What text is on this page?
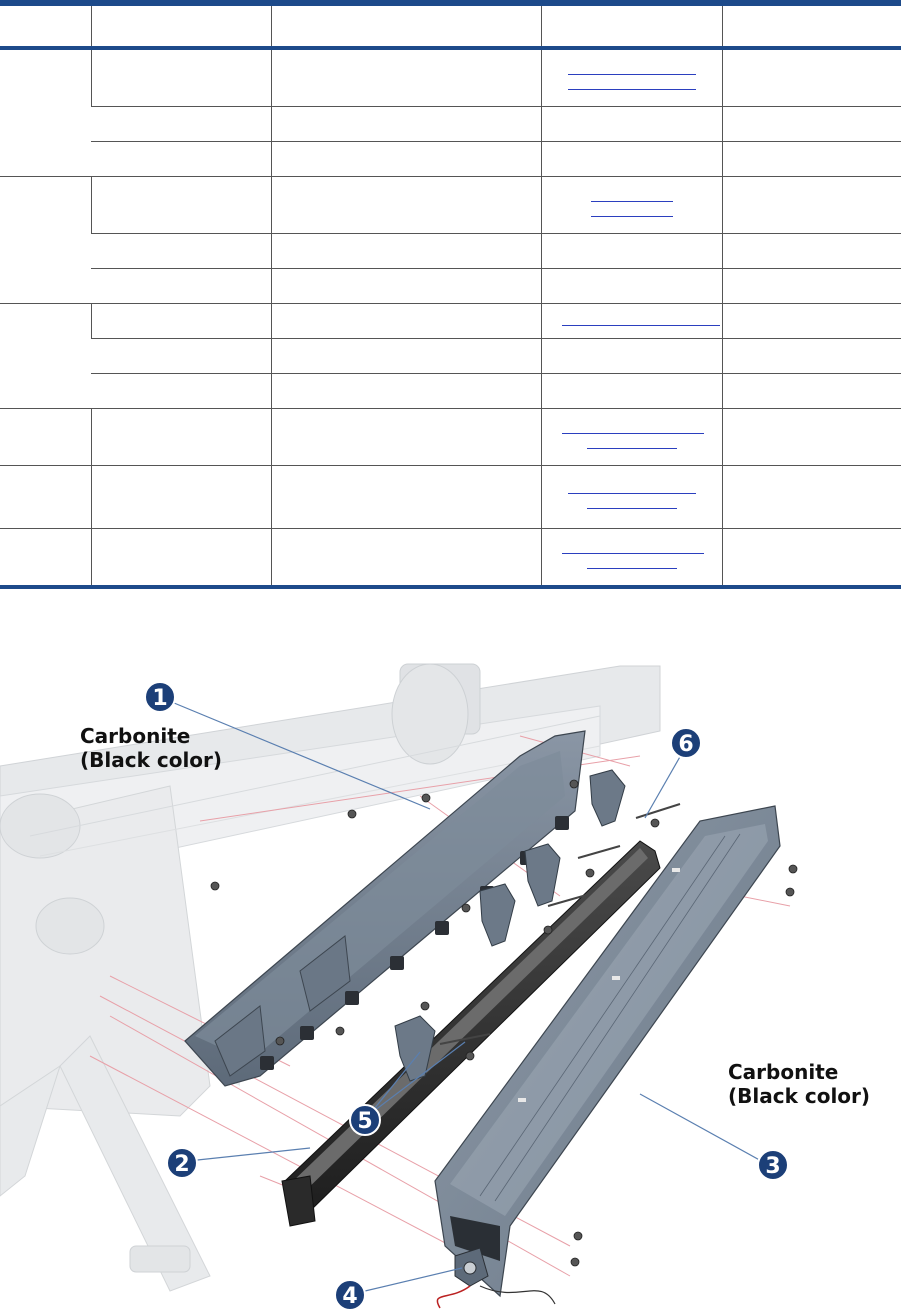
1
Carbonite
(Black color)
2	3
Carbonite
(Black color)
4
5
6
